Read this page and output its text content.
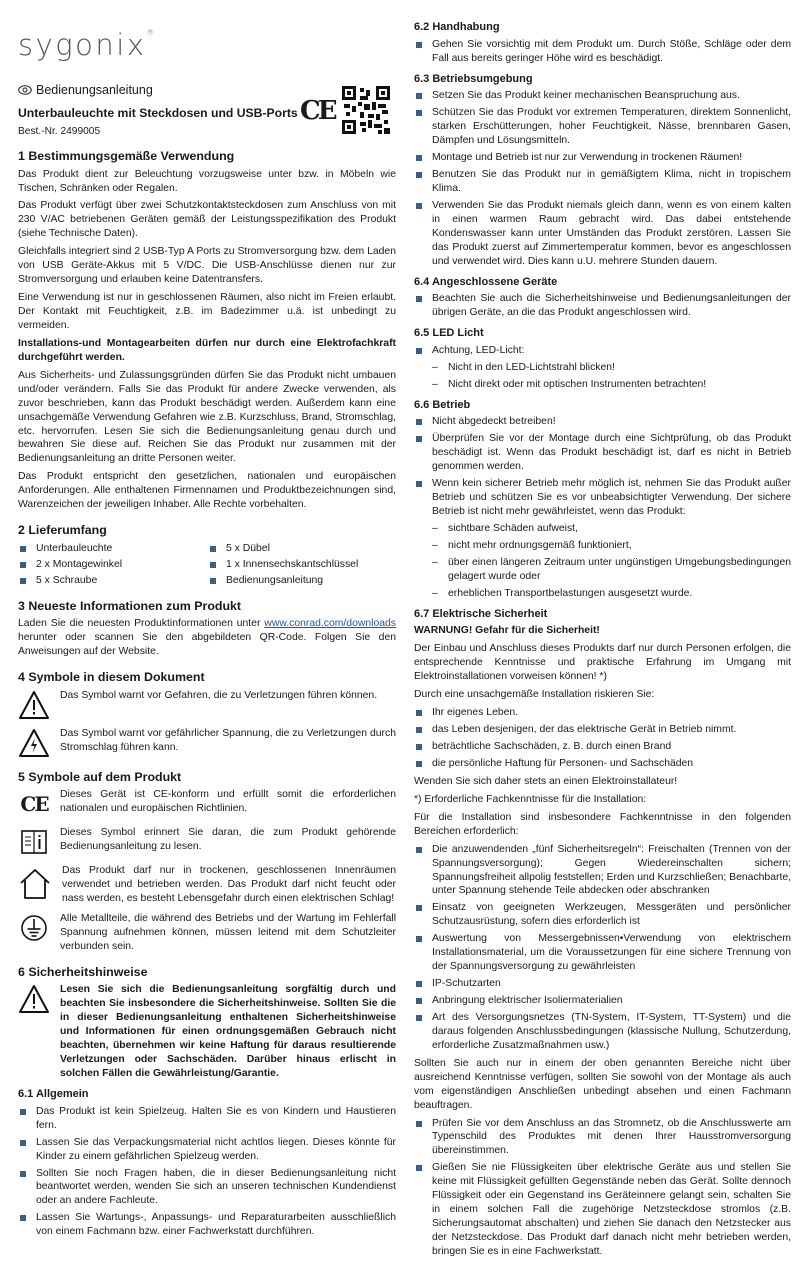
sygonix®
Bedienungsanleitung
Unterbauleuchte mit Steckdosen und USB-Ports
Best.-Nr. 2499005
CE
1 Bestimmungsgemäße Verwendung

Das Produkt dient zur Beleuchtung vorzugsweise unter bzw. in Möbeln wie Tischen, Schränken oder Regalen.

Das Produkt verfügt über zwei Schutzkontaktsteckdosen zum Anschluss von mit 230 V/AC betriebenen Geräten gemäß der Leistungsspezifikation des Produkt (siehe Technische Daten).

Gleichfalls integriert sind 2 USB-Typ A Ports zu Stromversorgung bzw. dem Laden von USB Geräte-Akkus mit 5 V/DC. Die USB-Anschlüsse dienen nur zur Stromversorgung und erlauben keine Datentransfers.

Eine Verwendung ist nur in geschlossenen Räumen, also nicht im Freien erlaubt. Der Kontakt mit Feuchtigkeit, z.B. im Badezimmer u.ä. ist unbedingt zu vermeiden.

Installations-und Montagearbeiten dürfen nur durch eine Elektrofachkraft durchgeführt werden.

Aus Sicherheits- und Zulassungsgründen dürfen Sie das Produkt nicht umbauen und/oder verändern. Falls Sie das Produkt für andere Zwecke verwenden, als zuvor beschrieben, kann das Produkt beschädigt werden. Außerdem kann eine unsachgemäße Verwendung Gefahren wie z.B. Kurzschluss, Brand, Stromschlag, etc. hervorrufen. Lesen Sie sich die Bedienungsanleitung genau durch und bewahren Sie diese auf. Reichen Sie das Produkt nur zusammen mit der Bedienungsanleitung an dritte Personen weiter.

Das Produkt entspricht den gesetzlichen, nationalen und europäischen Anforderungen. Alle enthaltenen Firmennamen und Produktbezeichnungen sind, Warenzeichen der jeweiligen Inhaber. Alle Rechte vorbehalten.

2 Lieferumfang
Unterbauleuchte	5 x Dübel
2 x Montagewinkel	1 x Innensechskantschlüssel
5 x Schraube	Bedienungsanleitung
3 Neueste Informationen zum Produkt

Laden Sie die neuesten Produktinformationen unter www.conrad.com/downloads herunter oder scannen Sie den abgebildeten QR-Code. Folgen Sie den Anweisungen auf der Website.

4 Symbole in diesem Dokument
Das Symbol warnt vor Gefahren, die zu Verletzungen führen können.
Das Symbol warnt vor gefährlicher Spannung, die zu Verletzungen durch Stromschlag führen kann.
5 Symbole auf dem Produkt
CE Dieses Gerät ist CE-konform und erfüllt somit die erforderlichen nationalen und europäischen Richtlinien.
Dieses Symbol erinnert Sie daran, die zum Produkt gehörende Bedienungsanleitung zu lesen.
Das Produkt darf nur in trockenen, geschlossenen Innenräumen verwendet und betrieben werden. Das Produkt darf nicht feucht oder nass werden, es besteht Lebensgefahr durch einen elektrischen Schlag!
Alle Metallteile, die während des Betriebs und der Wartung im Fehlerfall Spannung aufnehmen können, müssen leitend mit dem Schutzleiter verbunden sein.
6 Sicherheitshinweise
Lesen Sie sich die Bedienungsanleitung sorgfältig durch und beachten Sie insbesondere die Sicherheitshinweise. Sollten Sie die in dieser Bedienungsanleitung enthaltenen Sicherheitshinweise und Informationen für einen ordnungsgemäßen Gebrauch nicht beachten, übernehmen wir keine Haftung für daraus resultierende Verletzungen oder Sachschäden. Darüber hinaus erlischt in solchen Fällen die Gewährleistung/Garantie.
6.1 Allgemein
Das Produkt ist kein Spielzeug. Halten Sie es von Kindern und Haustieren fern.
Lassen Sie das Verpackungsmaterial nicht achtlos liegen. Dieses könnte für Kinder zu einem gefährlichen Spielzeug werden.
Sollten Sie noch Fragen haben, die in dieser Bedienungsanleitung nicht beantwortet werden, wenden Sie sich an unseren technischen Kundendienst oder an andere Fachleute.
Lassen Sie Wartungs-, Anpassungs- und Reparaturarbeiten ausschließlich von einem Fachmann bzw. einer Fachwerkstatt durchführen.
6.2 Handhabung
Gehen Sie vorsichtig mit dem Produkt um. Durch Stöße, Schläge oder dem Fall aus bereits geringer Höhe wird es beschädigt.
6.3 Betriebsumgebung
Setzen Sie das Produkt keiner mechanischen Beanspruchung aus.
Schützen Sie das Produkt vor extremen Temperaturen, direktem Sonnenlicht, starken Erschütterungen, hoher Feuchtigkeit, Nässe, brennbaren Gasen, Dämpfen und Lösungsmitteln.
Montage und Betrieb ist nur zur Verwendung in trockenen Räumen!
Benutzen Sie das Produkt nur in gemäßigtem Klima, nicht in tropischem Klima.
Verwenden Sie das Produkt niemals gleich dann, wenn es von einem kalten in einen warmen Raum gebracht wird. Das dabei entstehende Kondenswasser kann unter Umständen das Produkt zerstören. Lassen Sie das Produkt zuerst auf Zimmertemperatur kommen, bevor es angeschlossen und verwendet wird. Dies kann u.U. mehrere Stunden dauern.
6.4 Angeschlossene Geräte
Beachten Sie auch die Sicherheitshinweise und Bedienungsanleitungen der übrigen Geräte, an die das Produkt angeschlossen wird.
6.5 LED Licht
Achtung, LED-Licht:
– Nicht in den LED-Lichtstrahl blicken!
– Nicht direkt oder mit optischen Instrumenten betrachten!
6.6 Betrieb
Nicht abgedeckt betreiben!
Überprüfen Sie vor der Montage durch eine Sichtprüfung, ob das Produkt beschädigt ist. Wenn das Produkt beschädigt ist, darf es nicht in Betrieb genommen werden.
Wenn kein sicherer Betrieb mehr möglich ist, nehmen Sie das Produkt außer Betrieb und schützen Sie es vor unbeabsichtigter Verwendung. Der sichere Betrieb ist nicht mehr gewährleistet, wenn das Produkt:
– sichtbare Schäden aufweist,
– nicht mehr ordnungsgemäß funktioniert,
– über einen längeren Zeitraum unter ungünstigen Umgebungsbedingungen gelagert wurde oder
– erheblichen Transportbelastungen ausgesetzt wurde.
6.7 Elektrische Sicherheit

WARNUNG! Gefahr für die Sicherheit!

Der Einbau und Anschluss dieses Produkts darf nur durch Personen erfolgen, die entsprechende Kenntnisse und praktische Erfahrung im Umgang mit Elektroinstallationen vorweisen können! *)

Durch eine unsachgemäße Installation riskieren Sie:

Ihr eigenes Leben.
das Leben desjenigen, der das elektrische Gerät in Betrieb nimmt.
beträchtliche Sachschäden, z. B. durch einen Brand
die persönliche Haftung für Personen- und Sachschäden

Wenden Sie sich daher stets an einen Elektroinstallateur!

*) Erforderliche Fachkenntnisse für die Installation:

Für die Installation sind insbesondere Fachkenntnisse in den folgenden Bereichen erforderlich:

Die anzuwendenden „fünf Sicherheitsregeln“: Freischalten (Trennen von der Spannungsversorgung); Gegen Wiedereinschalten sichern; Spannungsfreiheit allpolig feststellen; Erden und Kurzschließen; Benachbarte, unter Spannung stehende Teile abdecken oder abschranken
Einsatz von geeigneten Werkzeugen, Messgeräten und persönlicher Schutzausrüstung, sofern dies erforderlich ist
Auswertung von Messergebnissen•Verwendung von elektrischem Installationsmaterial, um die Voraussetzungen für eine sichere Trennung von der Spannungsversorgung zu gewährleisten
IP-Schutzarten
Anbringung elektrischer Isoliermaterialien
Art des Versorgungsnetzes (TN-System, IT-System, TT-System) und die daraus folgenden Anschlussbedingungen (klassische Nullung, Schutzerdung, erforderliche Zusatzmaßnahmen usw.)

Sollten Sie auch nur in einem der oben genannten Bereiche nicht über ausreichend Kenntnisse verfügen, sollten Sie sowohl von der Montage als auch vom eigenständigen Anschließen unbedingt absehen und einen Fachmann beauftragen.

Prüfen Sie vor dem Anschluss an das Stromnetz, ob die Anschlusswerte am Typenschild des Produktes mit denen Ihrer Hausstromversorgung übereinstimmen.
Gießen Sie nie Flüssigkeiten über elektrische Geräte aus und stellen Sie keine mit Flüssigkeit gefüllten Gegenstände neben das Gerät. Sollte dennoch Flüssigkeit oder ein Gegenstand ins Geräteinnere gelangt sein, schalten Sie in einem solchen Fall die zugehörige Netzsteckdose stromlos (z.B. Sicherungsautomat abschalten) und ziehen Sie danach den Netzstecker aus der Netzsteckdose. Das Produkt darf danach nicht mehr betrieben werden, bringen Sie es in eine Fachwerkstatt.
